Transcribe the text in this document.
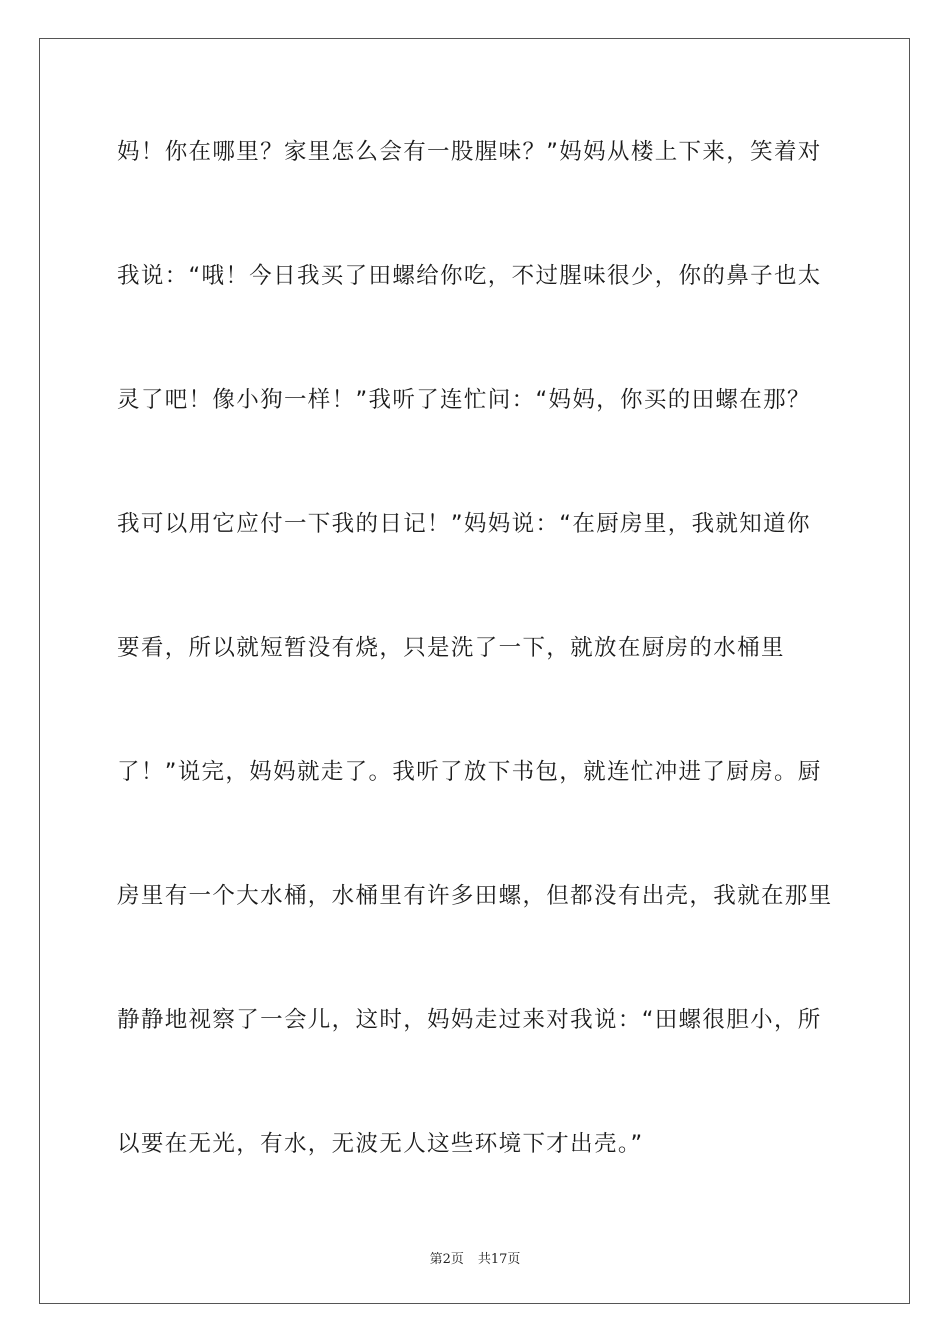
妈！你在哪里？家里怎么会有一股腥味？”妈妈从楼上下来，笑着对
我说：“哦！今日我买了田螺给你吃，不过腥味很少，你的鼻子也太
灵了吧！像小狗一样！”我听了连忙问：“妈妈，你买的田螺在那？
我可以用它应付一下我的日记！”妈妈说：“在厨房里，我就知道你
要看，所以就短暂没有烧，只是洗了一下，就放在厨房的水桶里
了！”说完，妈妈就走了。我听了放下书包，就连忙冲进了厨房。厨
房里有一个大水桶，水桶里有许多田螺，但都没有出壳，我就在那里
静静地视察了一会儿，这时，妈妈走过来对我说：“田螺很胆小，所
以要在无光，有水，无波无人这些环境下才出壳。”
第2页 共17页
